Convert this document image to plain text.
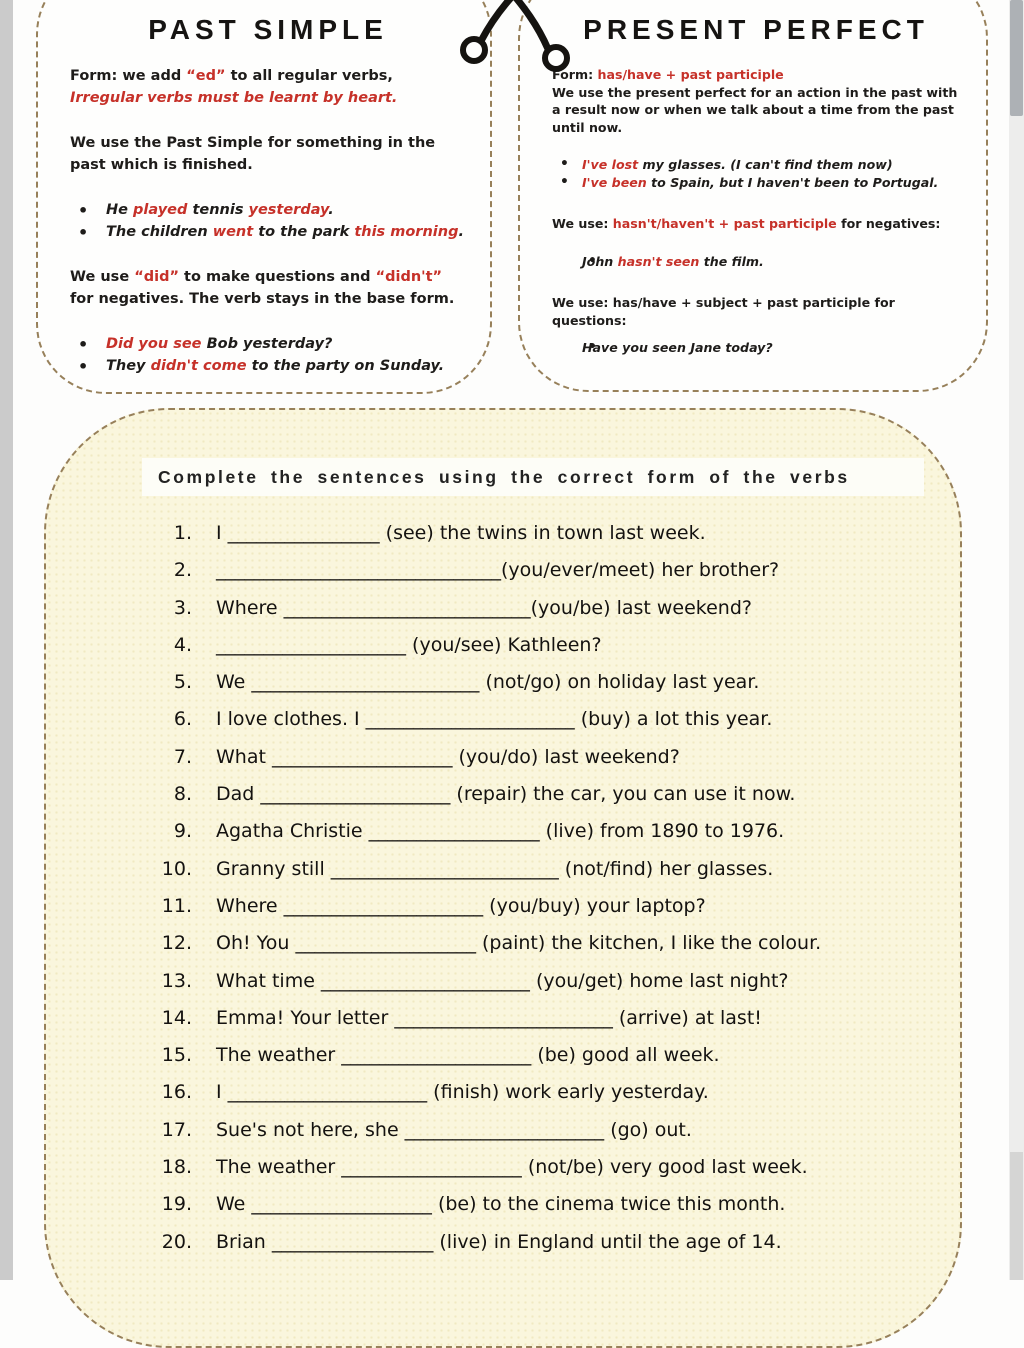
PAST SIMPLE
Form: we add “ed” to all regular verbs,
Irregular verbs must be learnt by heart.
We use the Past Simple for something in the past which is finished.
• He played tennis yesterday.
• The children went to the park this morning.
We use “did” to make questions and “didn't” for negatives. The verb stays in the base form.
• Did you see Bob yesterday?
• They didn't come to the party on Sunday.
PRESENT PERFECT
Form: has/have + past participle
We use the present perfect for an action in the past with a result now or when we talk about a time from the past until now.
• I've lost my glasses. (I can't find them now)
• I've been to Spain, but I haven't been to Portugal.
We use: hasn't/haven't + past participle for negatives:
• John hasn't seen the film.
We use: has/have + subject + past participle for questions:
• Have you seen Jane today?
Complete the sentences using the correct form of the verbs
1. I ________________ (see) the twins in town last week.
2. ______________________________(you/ever/meet) her brother?
3. Where __________________________(you/be) last weekend?
4. ____________________ (you/see) Kathleen?
5. We ________________________ (not/go) on holiday last year.
6. I love clothes. I ______________________ (buy) a lot this year.
7. What ___________________ (you/do) last weekend?
8. Dad ____________________ (repair) the car, you can use it now.
9. Agatha Christie __________________ (live) from 1890 to 1976.
10. Granny still ________________________ (not/find) her glasses.
11. Where _____________________ (you/buy) your laptop?
12. Oh! You ___________________ (paint) the kitchen, I like the colour.
13. What time ______________________ (you/get) home last night?
14. Emma! Your letter _______________________ (arrive) at last!
15. The weather ____________________ (be) good all week.
16. I _____________________ (finish) work early yesterday.
17. Sue's not here, she _____________________ (go) out.
18. The weather ___________________ (not/be) very good last week.
19. We ___________________ (be) to the cinema twice this month.
20. Brian _________________ (live) in England until the age of 14.
